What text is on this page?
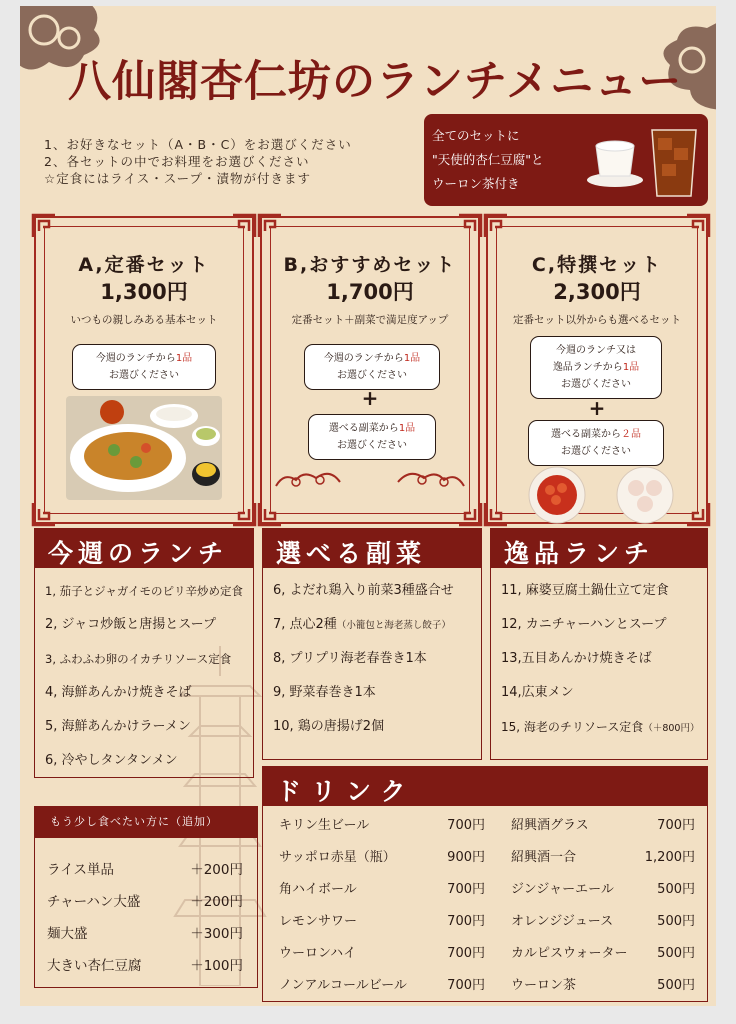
八仙閣杏仁坊のランチメニュー
1、お好きなセット（A・B・C）をお選びください
2、各セットの中でお料理をお選びください
☆定食にはライス・スープ・漬物が付きます
全てのセットに
"天使的杏仁豆腐"と
ウーロン茶付き
A,定番セット
1,300円
いつもの親しみある基本セット
今週のランチから1品
お選びください
B,おすすめセット
1,700円
定番セット＋副菜で満足度アップ
今週のランチから1品
お選びください
+
選べる副菜から1品
お選びください
C,特撰セット
2,300円
定番セット以外からも選べるセット
今週のランチ又は
逸品ランチから1品
お選びください
+
選べる副菜から２品
お選びください
今週のランチ
1, 茄子とジャガイモのピリ辛炒め定食
2, ジャコ炒飯と唐揚とスープ
3, ふわふわ卵のイカチリソース定食
4, 海鮮あんかけ焼きそば
5, 海鮮あんかけラーメン
6, 冷やしタンタンメン
選べる副菜
6, よだれ鶏入り前菜3種盛合せ
7, 点心2種（小籠包と海老蒸し餃子）
8, プリプリ海老春巻き1本
9, 野菜春巻き1本
10, 鶏の唐揚げ2個
逸品ランチ
11, 麻婆豆腐土鍋仕立て定食
12, カニチャーハンとスープ
13,五目あんかけ焼きそば
14,広東メン
15, 海老のチリソース定食（＋800円）
もう少し食べたい方に（追加）
ライス単品	＋200円
チャーハン大盛	＋200円
麺大盛	＋300円
大きい杏仁豆腐	＋100円
ドリンク
キリン生ビール	700円
サッポロ赤星（瓶）	900円
角ハイボール	700円
レモンサワー	700円
ウーロンハイ	700円
ノンアルコールビール	700円
紹興酒グラス	700円
紹興酒一合	1,200円
ジンジャーエール	500円
オレンジジュース	500円
カルピスウォーター 500円
ウーロン茶	500円
